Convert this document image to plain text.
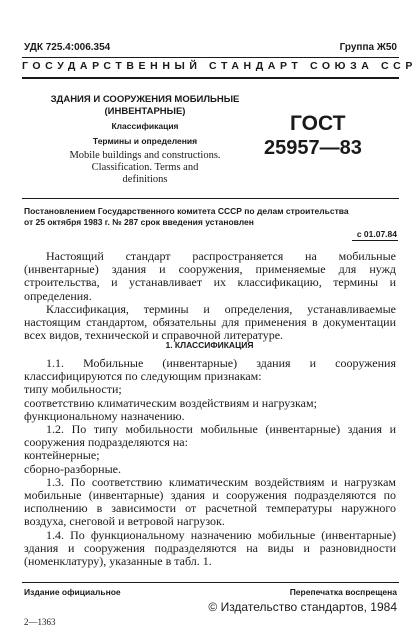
УДК 725.4:006.354	Группа Ж50
ГОСУДАРСТВЕННЫЙ СТАНДАРТ СОЮЗА ССР
ЗДАНИЯ И СООРУЖЕНИЯ МОБИЛЬНЫЕ
(ИНВЕНТАРНЫЕ)
Классификация
Термины и определения
Mobile buildings and constructions.
Classification. Terms and
definitions
ГОСТ
25957—83
Постановлением Государственного комитета СССР по делам строительства
от 25 октября 1983 г. № 287 срок введения установлен
с 01.07.84

Настоящий стандарт распространяется на мобильные (инвентарные) здания и сооружения, применяемые для нужд строительства, и устанавливает их классификацию, термины и определения.

Классификация, термины и определения, устанавливаемые настоящим стандартом, обязательны для применения в документации всех видов, технической и справочной литературе.

1. КЛАССИФИКАЦИЯ

1.1. Мобильные (инвентарные) здания и сооружения классифицируются по следующим признакам:

типу мобильности;

соответствию климатическим воздействиям и нагрузкам;

функциональному назначению.

1.2. По типу мобильности мобильные (инвентарные) здания и сооружения подразделяются на:

контейнерные;

сборно-разборные.

1.3. По соответствию климатическим воздействиям и нагрузкам мобильные (инвентарные) здания и сооружения подразделяются по исполнению в зависимости от расчетной температуры наружного воздуха, снеговой и ветровой нагрузок.

1.4. По функциональному назначению мобильные (инвентарные) здания и сооружения подразделяются на виды и разновидности (номенклатуру), указанные в табл. 1.

Издание официальное	Перепечатка воспрещена
© Издательство стандартов, 1984
2—1363
